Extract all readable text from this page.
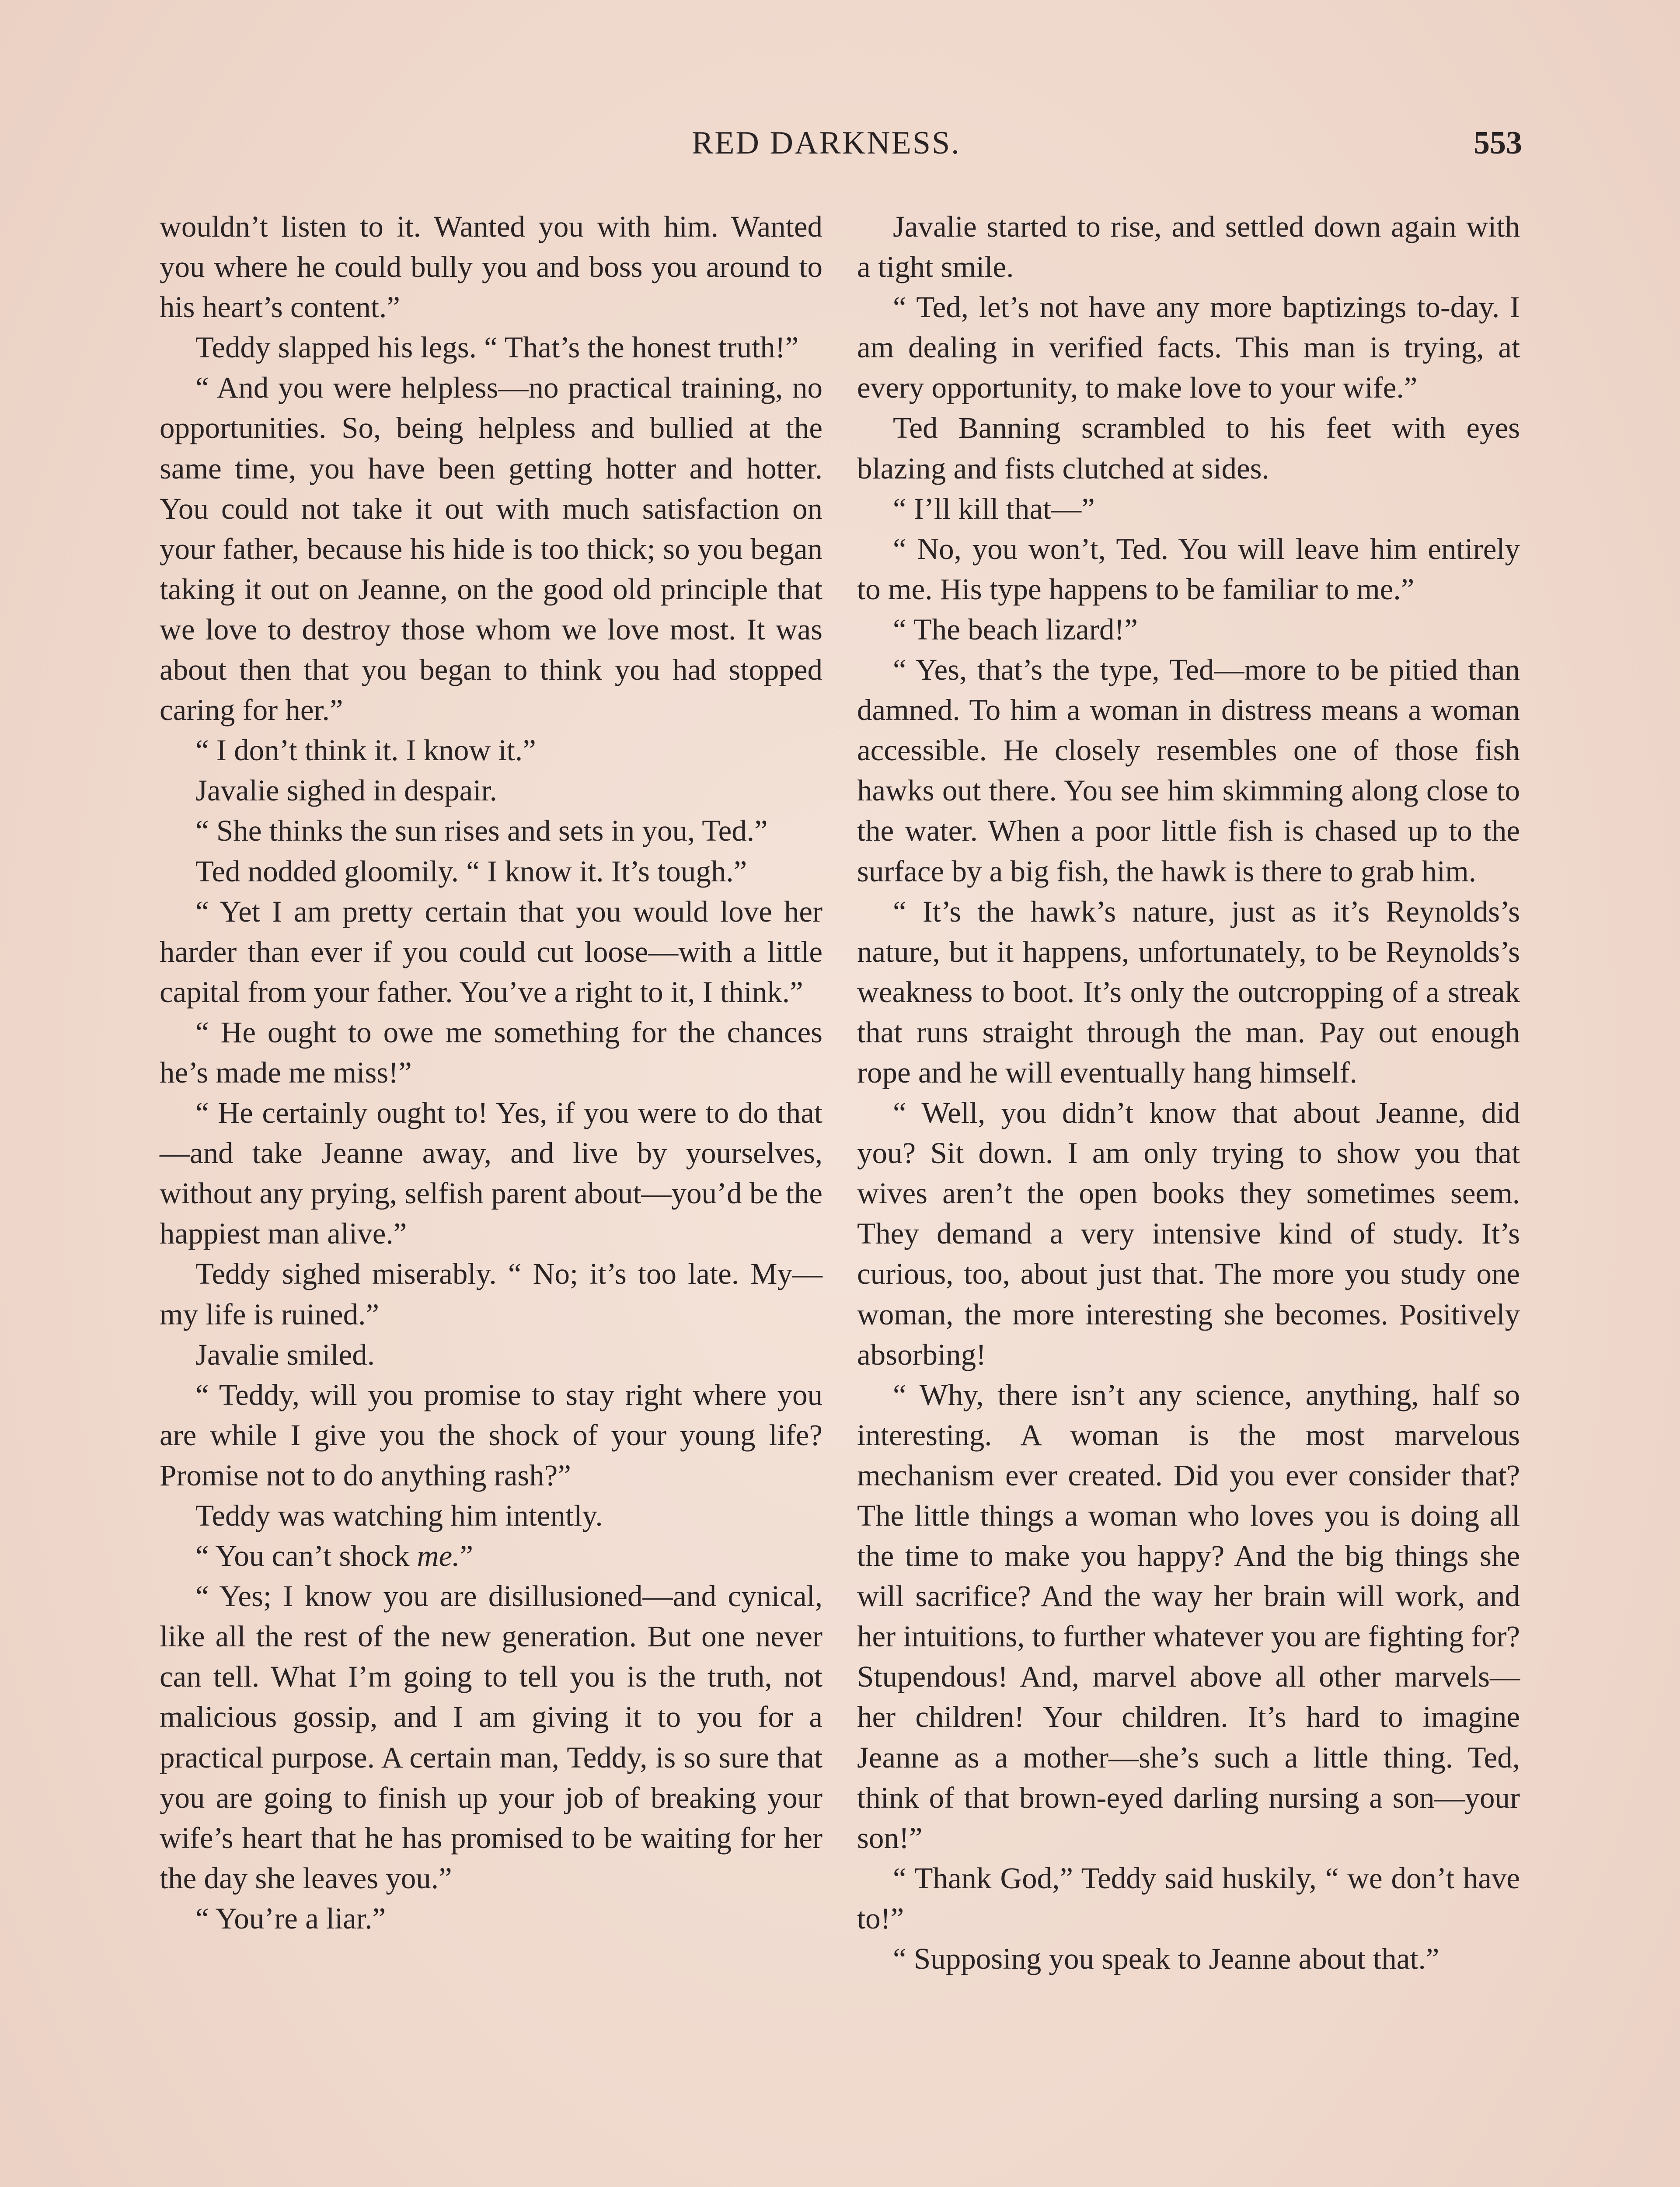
RED DARKNESS.	553

wouldn’t listen to it. Wanted you with him. Wanted you where he could bully you and boss you around to his heart’s content.”

Teddy slapped his legs. “ That’s the honest truth!”

“ And you were helpless—no practical training, no opportunities. So, being helpless and bullied at the same time, you have been getting hotter and hotter. You could not take it out with much satisfaction on your father, because his hide is too thick; so you began taking it out on Jeanne, on the good old principle that we love to destroy those whom we love most. It was about then that you began to think you had stopped caring for her.”

“ I don’t think it. I know it.”

Javalie sighed in despair.

“ She thinks the sun rises and sets in you, Ted.”

Ted nodded gloomily. “ I know it. It’s tough.”

“ Yet I am pretty certain that you would love her harder than ever if you could cut loose—with a little capital from your father. You’ve a right to it, I think.”

“ He ought to owe me something for the chances he’s made me miss!”

“ He certainly ought to! Yes, if you were to do that—and take Jeanne away, and live by yourselves, without any prying, selfish parent about—you’d be the happiest man alive.”

Teddy sighed miserably. “ No; it’s too late. My—my life is ruined.”

Javalie smiled.

“ Teddy, will you promise to stay right where you are while I give you the shock of your young life? Promise not to do anything rash?”

Teddy was watching him intently.

“ You can’t shock me.”

“ Yes; I know you are disillusioned—and cynical, like all the rest of the new generation. But one never can tell. What I’m going to tell you is the truth, not malicious gossip, and I am giving it to you for a practical purpose. A certain man, Teddy, is so sure that you are going to finish up your job of breaking your wife’s heart that he has promised to be waiting for her the day she leaves you.”

“ You’re a liar.”

Javalie started to rise, and settled down again with a tight smile.

“ Ted, let’s not have any more baptizings to-day. I am dealing in verified facts. This man is trying, at every opportunity, to make love to your wife.”

Ted Banning scrambled to his feet with eyes blazing and fists clutched at sides.

“ I’ll kill that—”

“ No, you won’t, Ted. You will leave him entirely to me. His type happens to be familiar to me.”

“ The beach lizard!”

“ Yes, that’s the type, Ted—more to be pitied than damned. To him a woman in distress means a woman accessible. He closely resembles one of those fish hawks out there. You see him skimming along close to the water. When a poor little fish is chased up to the surface by a big fish, the hawk is there to grab him.

“ It’s the hawk’s nature, just as it’s Reynolds’s nature, but it happens, unfortunately, to be Reynolds’s weakness to boot. It’s only the outcropping of a streak that runs straight through the man. Pay out enough rope and he will eventually hang himself.

“ Well, you didn’t know that about Jeanne, did you? Sit down. I am only trying to show you that wives aren’t the open books they sometimes seem. They demand a very intensive kind of study. It’s curious, too, about just that. The more you study one woman, the more interesting she becomes. Positively absorbing!

“ Why, there isn’t any science, anything, half so interesting. A woman is the most marvelous mechanism ever created. Did you ever consider that? The little things a woman who loves you is doing all the time to make you happy? And the big things she will sacrifice? And the way her brain will work, and her intuitions, to further whatever you are fighting for? Stupendous! And, marvel above all other marvels—her children! Your children. It’s hard to imagine Jeanne as a mother—she’s such a little thing. Ted, think of that brown-eyed darling nursing a son—your son!”

“ Thank God,” Teddy said huskily, “ we don’t have to!”

“ Supposing you speak to Jeanne about that.”
